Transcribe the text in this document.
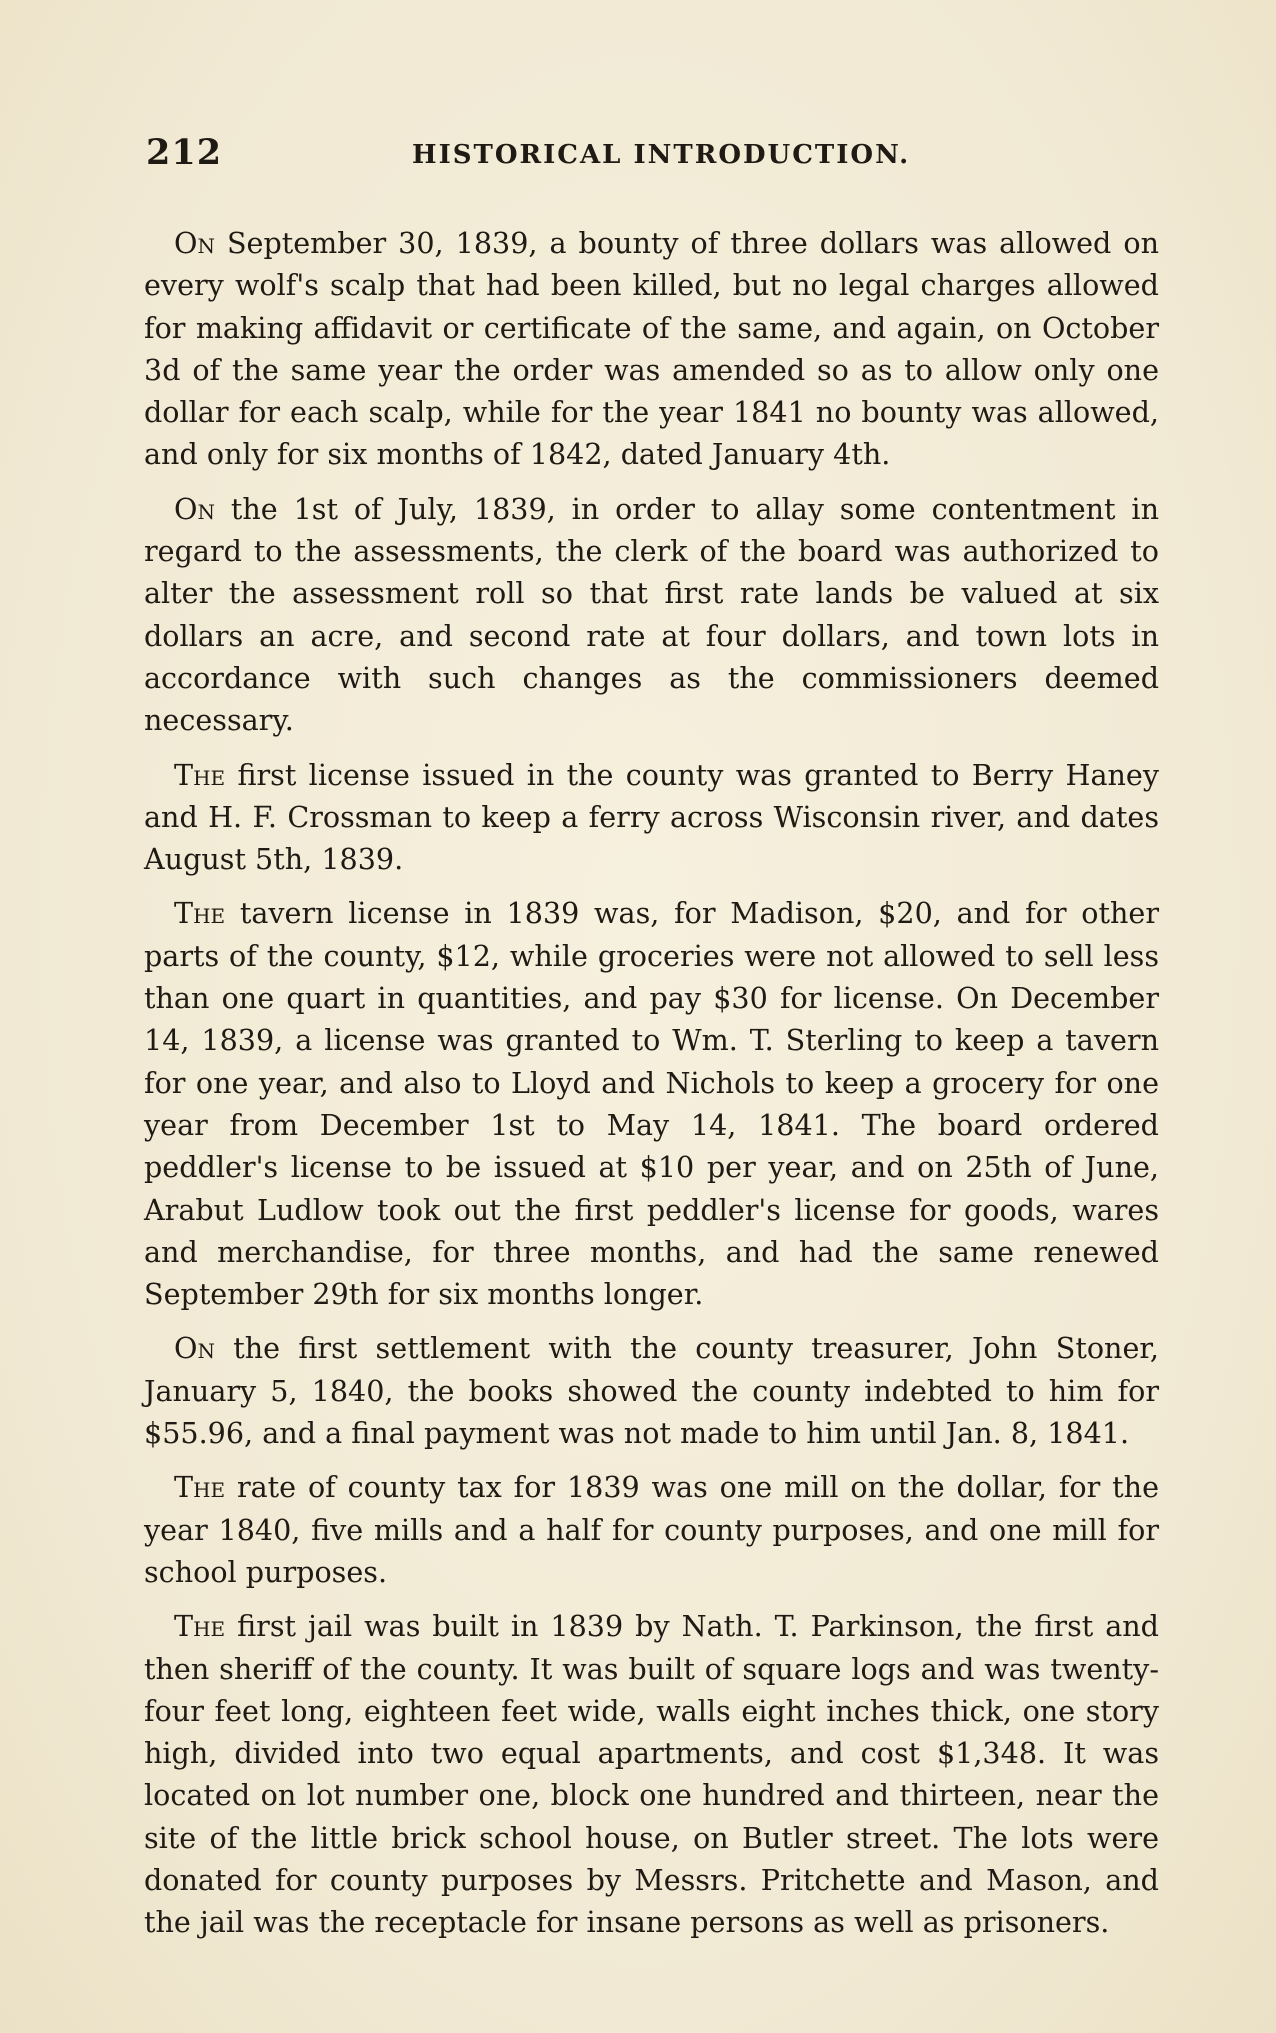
212	HISTORICAL INTRODUCTION.

On September 30, 1839, a bounty of three dollars was allowed on every wolf's scalp that had been killed, but no legal charges allowed for making affidavit or certificate of the same, and again, on October 3d of the same year the order was amended so as to allow only one dollar for each scalp, while for the year 1841 no bounty was allowed, and only for six months of 1842, dated January 4th.

On the 1st of July, 1839, in order to allay some contentment in regard to the assessments, the clerk of the board was authorized to alter the assessment roll so that first rate lands be valued at six dollars an acre, and second rate at four dollars, and town lots in accordance with such changes as the commissioners deemed necessary.

The first license issued in the county was granted to Berry Haney and H. F. Crossman to keep a ferry across Wisconsin river, and dates August 5th, 1839.

The tavern license in 1839 was, for Madison, $20, and for other parts of the county, $12, while groceries were not allowed to sell less than one quart in quantities, and pay $30 for license. On December 14, 1839, a license was granted to Wm. T. Sterling to keep a tavern for one year, and also to Lloyd and Nichols to keep a grocery for one year from December 1st to May 14, 1841. The board ordered peddler's license to be issued at $10 per year, and on 25th of June, Arabut Ludlow took out the first peddler's license for goods, wares and merchandise, for three months, and had the same renewed September 29th for six months longer.

On the first settlement with the county treasurer, John Stoner, January 5, 1840, the books showed the county indebted to him for $55.96, and a final payment was not made to him until Jan. 8, 1841.

The rate of county tax for 1839 was one mill on the dollar, for the year 1840, five mills and a half for county purposes, and one mill for school purposes.

The first jail was built in 1839 by Nath. T. Parkinson, the first and then sheriff of the county. It was built of square logs and was twenty-four feet long, eighteen feet wide, walls eight inches thick, one story high, divided into two equal apartments, and cost $1,348. It was located on lot number one, block one hundred and thirteen, near the site of the little brick school house, on Butler street. The lots were donated for county purposes by Messrs. Pritchette and Mason, and the jail was the receptacle for insane persons as well as prisoners.
